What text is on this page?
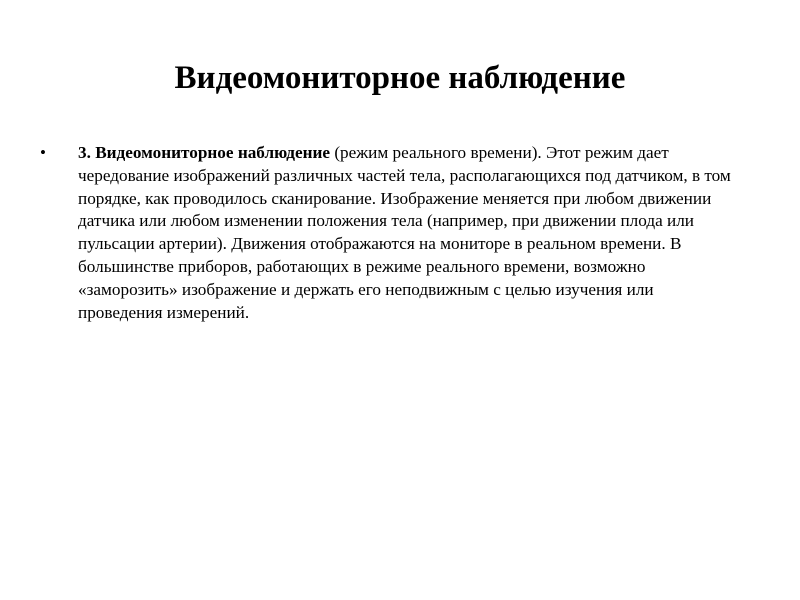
Видеомониторное наблюдение
•	3. Видеомониторное наблюдение (режим реального времени). Этот режим дает чередование изображений различных частей тела, располагающихся под датчиком, в том порядке, как проводилось сканирование. Изображение меняется при любом движении датчика или любом изменении положения тела (например, при движении плода или пульсации артерии). Движения отображаются на мониторе в реальном времени. В большинстве приборов, работающих в режиме реального времени, возможно «заморозить» изображение и держать его неподвижным с целью изучения или проведения измерений.
